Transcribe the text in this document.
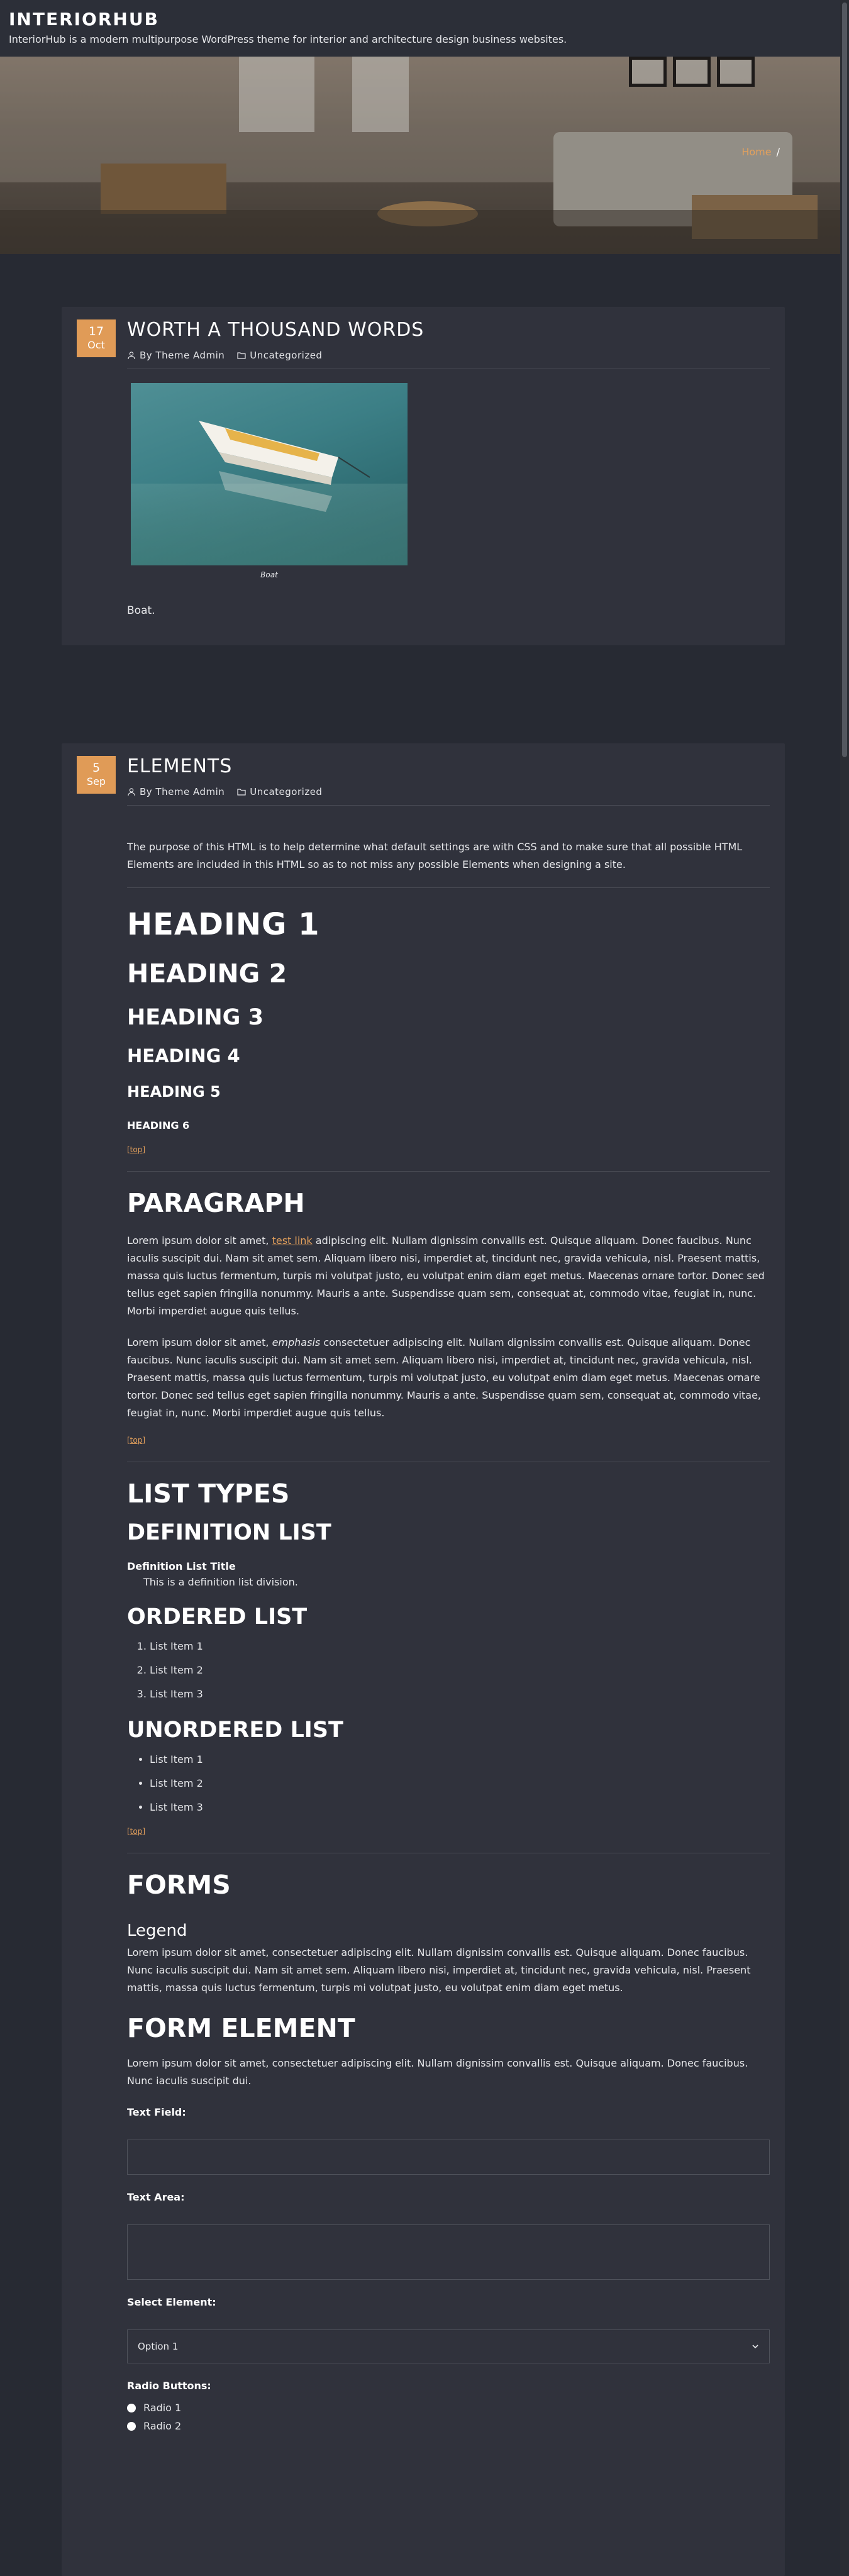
INTERIORHUB

InteriorHub is a modern multipurpose WordPress theme for interior and architecture design business websites.

Home /
17
Oct
WORTH A THOUSAND WORDS
By Theme Admin	Uncategorized
Boat

Boat.

5
Sep
ELEMENTS
By Theme Admin	Uncategorized

The purpose of this HTML is to help determine what default settings are with CSS and to make sure that all possible HTML Elements are included in this HTML so as to not miss any possible Elements when designing a site.

HEADING 1
HEADING 2
HEADING 3
HEADING 4
HEADING 5
HEADING 6
[top]
PARAGRAPH

Lorem ipsum dolor sit amet, test link adipiscing elit. Nullam dignissim convallis est. Quisque aliquam. Donec faucibus. Nunc iaculis suscipit dui. Nam sit amet sem. Aliquam libero nisi, imperdiet at, tincidunt nec, gravida vehicula, nisl. Praesent mattis, massa quis luctus fermentum, turpis mi volutpat justo, eu volutpat enim diam eget metus. Maecenas ornare tortor. Donec sed tellus eget sapien fringilla nonummy. Mauris a ante. Suspendisse quam sem, consequat at, commodo vitae, feugiat in, nunc. Morbi imperdiet augue quis tellus.

Lorem ipsum dolor sit amet, emphasis consectetuer adipiscing elit. Nullam dignissim convallis est. Quisque aliquam. Donec faucibus. Nunc iaculis suscipit dui. Nam sit amet sem. Aliquam libero nisi, imperdiet at, tincidunt nec, gravida vehicula, nisl. Praesent mattis, massa quis luctus fermentum, turpis mi volutpat justo, eu volutpat enim diam eget metus. Maecenas ornare tortor. Donec sed tellus eget sapien fringilla nonummy. Mauris a ante. Suspendisse quam sem, consequat at, commodo vitae, feugiat in, nunc. Morbi imperdiet augue quis tellus.

[top]
LIST TYPES
DEFINITION LIST
Definition List Title
This is a definition list division.
ORDERED LIST
1. List Item 1
2. List Item 2
3. List Item 3
UNORDERED LIST
• List Item 1
• List Item 2
• List Item 3
[top]
FORMS
Legend

Lorem ipsum dolor sit amet, consectetuer adipiscing elit. Nullam dignissim convallis est. Quisque aliquam. Donec faucibus. Nunc iaculis suscipit dui. Nam sit amet sem. Aliquam libero nisi, imperdiet at, tincidunt nec, gravida vehicula, nisl. Praesent mattis, massa quis luctus fermentum, turpis mi volutpat justo, eu volutpat enim diam eget metus.

FORM ELEMENT

Lorem ipsum dolor sit amet, consectetuer adipiscing elit. Nullam dignissim convallis est. Quisque aliquam. Donec faucibus. Nunc iaculis suscipit dui.

Text Field:
Text Area:
Select Element:
Option 1
Radio Buttons:
Radio 1
Radio 2
